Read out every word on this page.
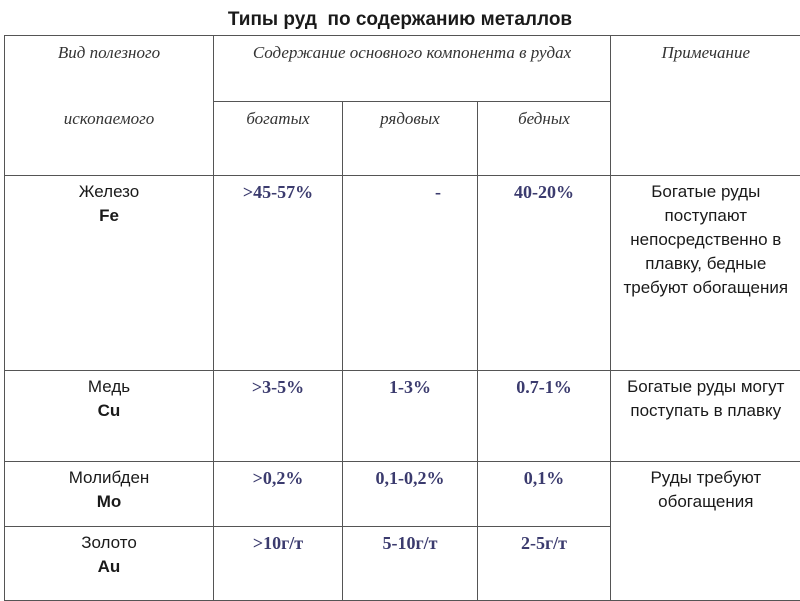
Типы руд  по содержанию металлов
Вид полезного	Содержание основного компонента в рудах			Примечание
ископаемого	богатых	рядовых	бедных	

Железо
Fe	>45-57%	-	40-20%	Богатые руды поступают непосредственно в плавку, бедные требуют обогащения

Медь
Cu	>3-5%	1-3%	0.7-1%	Богатые руды могут поступать в плавку

Молибден
Mo	>0,2%	0,1-0,2%	0,1%	Руды требуют обогащения

Золото
Au	>10г/т	5-10г/т	2-5г/т	
